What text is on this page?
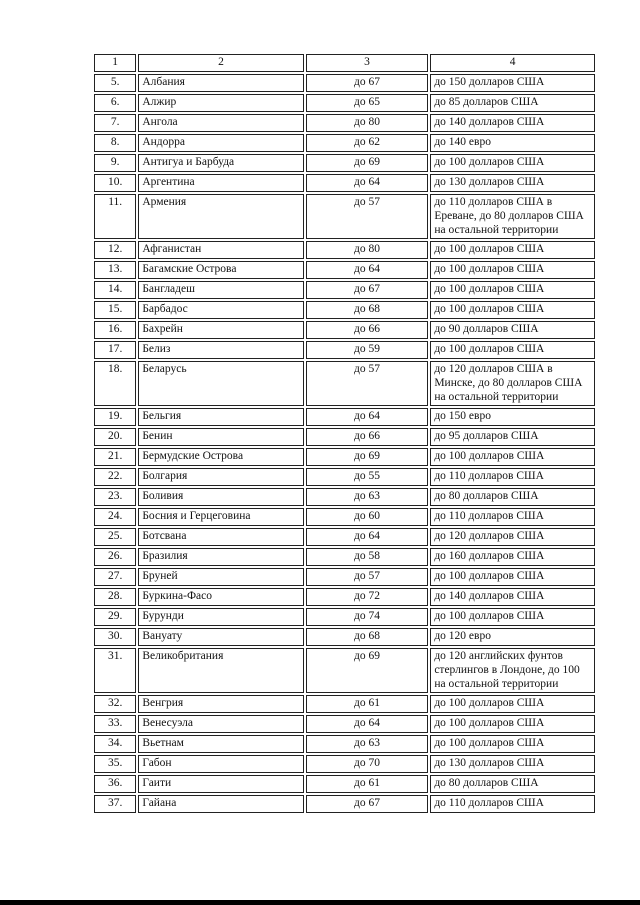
1	2	3	4
5.	Албания	до 67	до 150 долларов США
6.	Алжир	до 65	до 85 долларов США
7.	Ангола	до 80	до 140 долларов США
8.	Андорра	до 62	до 140 евро
9.	Антигуа и Барбуда	до 69	до 100 долларов США
10.	Аргентина	до 64	до 130 долларов США
11.	Армения	до 57	до 110 долларов США в Ереване, до 80 долларов США на остальной территории
12.	Афганистан	до 80	до 100 долларов США
13.	Багамские Острова	до 64	до 100 долларов США
14.	Бангладеш	до 67	до 100 долларов США
15.	Барбадос	до 68	до 100 долларов США
16.	Бахрейн	до 66	до 90 долларов США
17.	Белиз	до 59	до 100 долларов США
18.	Беларусь	до 57	до 120 долларов США в Минске, до 80 долларов США на остальной территории
19.	Бельгия	до 64	до 150 евро
20.	Бенин	до 66	до 95 долларов США
21.	Бермудские Острова	до 69	до 100 долларов США
22.	Болгария	до 55	до 110 долларов США
23.	Боливия	до 63	до 80 долларов США
24.	Босния и Герцеговина	до 60	до 110 долларов США
25.	Ботсвана	до 64	до 120 долларов США
26.	Бразилия	до 58	до 160 долларов США
27.	Бруней	до 57	до 100 долларов США
28.	Буркина-Фасо	до 72	до 140 долларов США
29.	Бурунди	до 74	до 100 долларов США
30.	Вануату	до 68	до 120 евро
31.	Великобритания	до 69	до 120 английских фунтов стерлингов в Лондоне, до 100 на остальной территории
32.	Венгрия	до 61	до 100 долларов США
33.	Венесуэла	до 64	до 100 долларов США
34.	Вьетнам	до 63	до 100 долларов США
35.	Габон	до 70	до 130 долларов США
36.	Гаити	до 61	до 80 долларов США
37.	Гайана	до 67	до 110 долларов США
